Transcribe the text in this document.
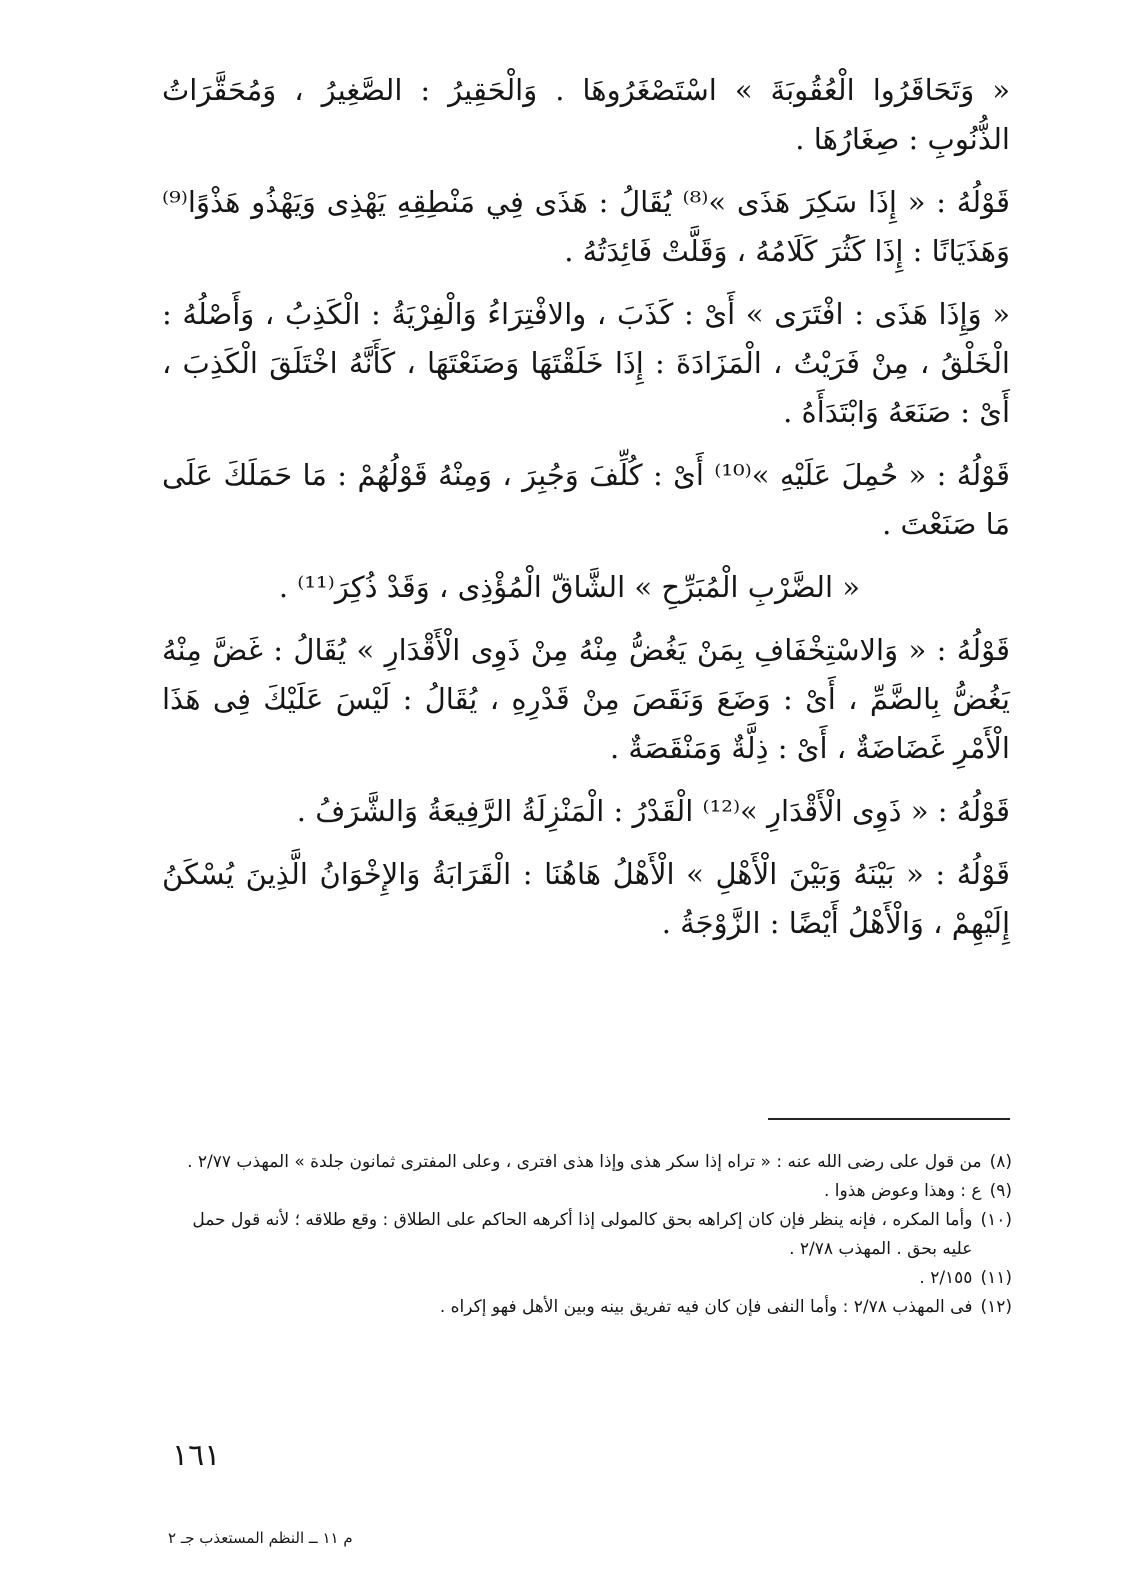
« وَتَحَاقَرُوا الْعُقُوبَةَ » اسْتَصْغَرُوهَا . وَالْحَقِيرُ : الصَّغِيرُ ، وَمُحَقَّرَاتُ الذُّنُوبِ : صِغَارُهَا .

قَوْلُهُ : « إِذَا سَكِرَ هَذَى »⁽⁸⁾ يُقَالُ : هَذَى فِي مَنْطِقِهِ يَهْذِى وَيَهْذُو هَذْوًا⁽⁹⁾ وَهَذَيَانًا : إِذَا كَثُرَ كَلَامُهُ ، وَقَلَّتْ فَائِدَتُهُ .

« وَإِذَا هَذَى : افْتَرَى » أَىْ : كَذَبَ ، والافْتِرَاءُ وَالْفِرْيَةُ : الْكَذِبُ ، وَأَصْلُهُ : الْخَلْقُ ، مِنْ فَرَيْتُ ، الْمَزَادَةَ : إِذَا خَلَقْتَهَا وَصَنَعْتَهَا ، كَأَنَّهُ اخْتَلَقَ الْكَذِبَ ، أَىْ : صَنَعَهُ وَابْتَدَأَهُ .

قَوْلُهُ : « حُمِلَ عَلَيْهِ »⁽¹⁰⁾ أَىْ : كُلِّفَ وَجُبِرَ ، وَمِنْهُ قَوْلُهُمْ : مَا حَمَلَكَ عَلَى مَا صَنَعْتَ .

« الضَّرْبِ الْمُبَرِّحِ » الشَّاقّ الْمُؤْذِى ، وَقَدْ ذُكِرَ⁽¹¹⁾ .

قَوْلُهُ : « وَالاسْتِخْفَافِ بِمَنْ يَغُضُّ مِنْهُ مِنْ ذَوِى الْأَقْدَارِ » يُقَالُ : غَضَّ مِنْهُ يَغُضُّ بِالضَّمِّ ، أَىْ : وَضَعَ وَنَقَصَ مِنْ قَدْرِهِ ، يُقَالُ : لَيْسَ عَلَيْكَ فِى هَذَا الْأَمْرِ غَضَاضَةٌ ، أَىْ : ذِلَّةٌ وَمَنْقَصَةٌ .

قَوْلُهُ : « ذَوِى الْأَقْدَارِ »⁽¹²⁾ الْقَدْرُ : الْمَنْزِلَةُ الرَّفِيعَةُ وَالشَّرَفُ .

قَوْلُهُ : « بَيْنَهُ وَبَيْنَ الْأَهْلِ » الْأَهْلُ هَاهُنَا : الْقَرَابَةُ وَالإِخْوَانُ الَّذِينَ يُسْكَنُ إِلَيْهِمْ ، وَالْأَهْلُ أَيْضًا : الزَّوْجَةُ .

(٨)
من قول على رضى الله عنه : « تراه إذا سكر هذى وإذا هذى افترى ، وعلى المفترى ثمانون جلدة » المهذب ٢/٧٧ .
(٩)
ع : وهذا وعوض هذوا .
(١٠)
وأما المكره ، فإنه ينظر فإن كان إكراهه بحق كالمولى إذا أكرهه الحاكم على الطلاق : وقع طلاقه ؛ لأنه قول حمل عليه بحق . المهذب ٢/٧٨ .
(١١)
٢/١٥٥ .
(١٢)
فى المهذب ٢/٧٨ : وأما النفى فإن كان فيه تفريق بينه وبين الأهل فهو إكراه .
١٦١
م ١١ ــ النظم المستعذب جـ ٢
